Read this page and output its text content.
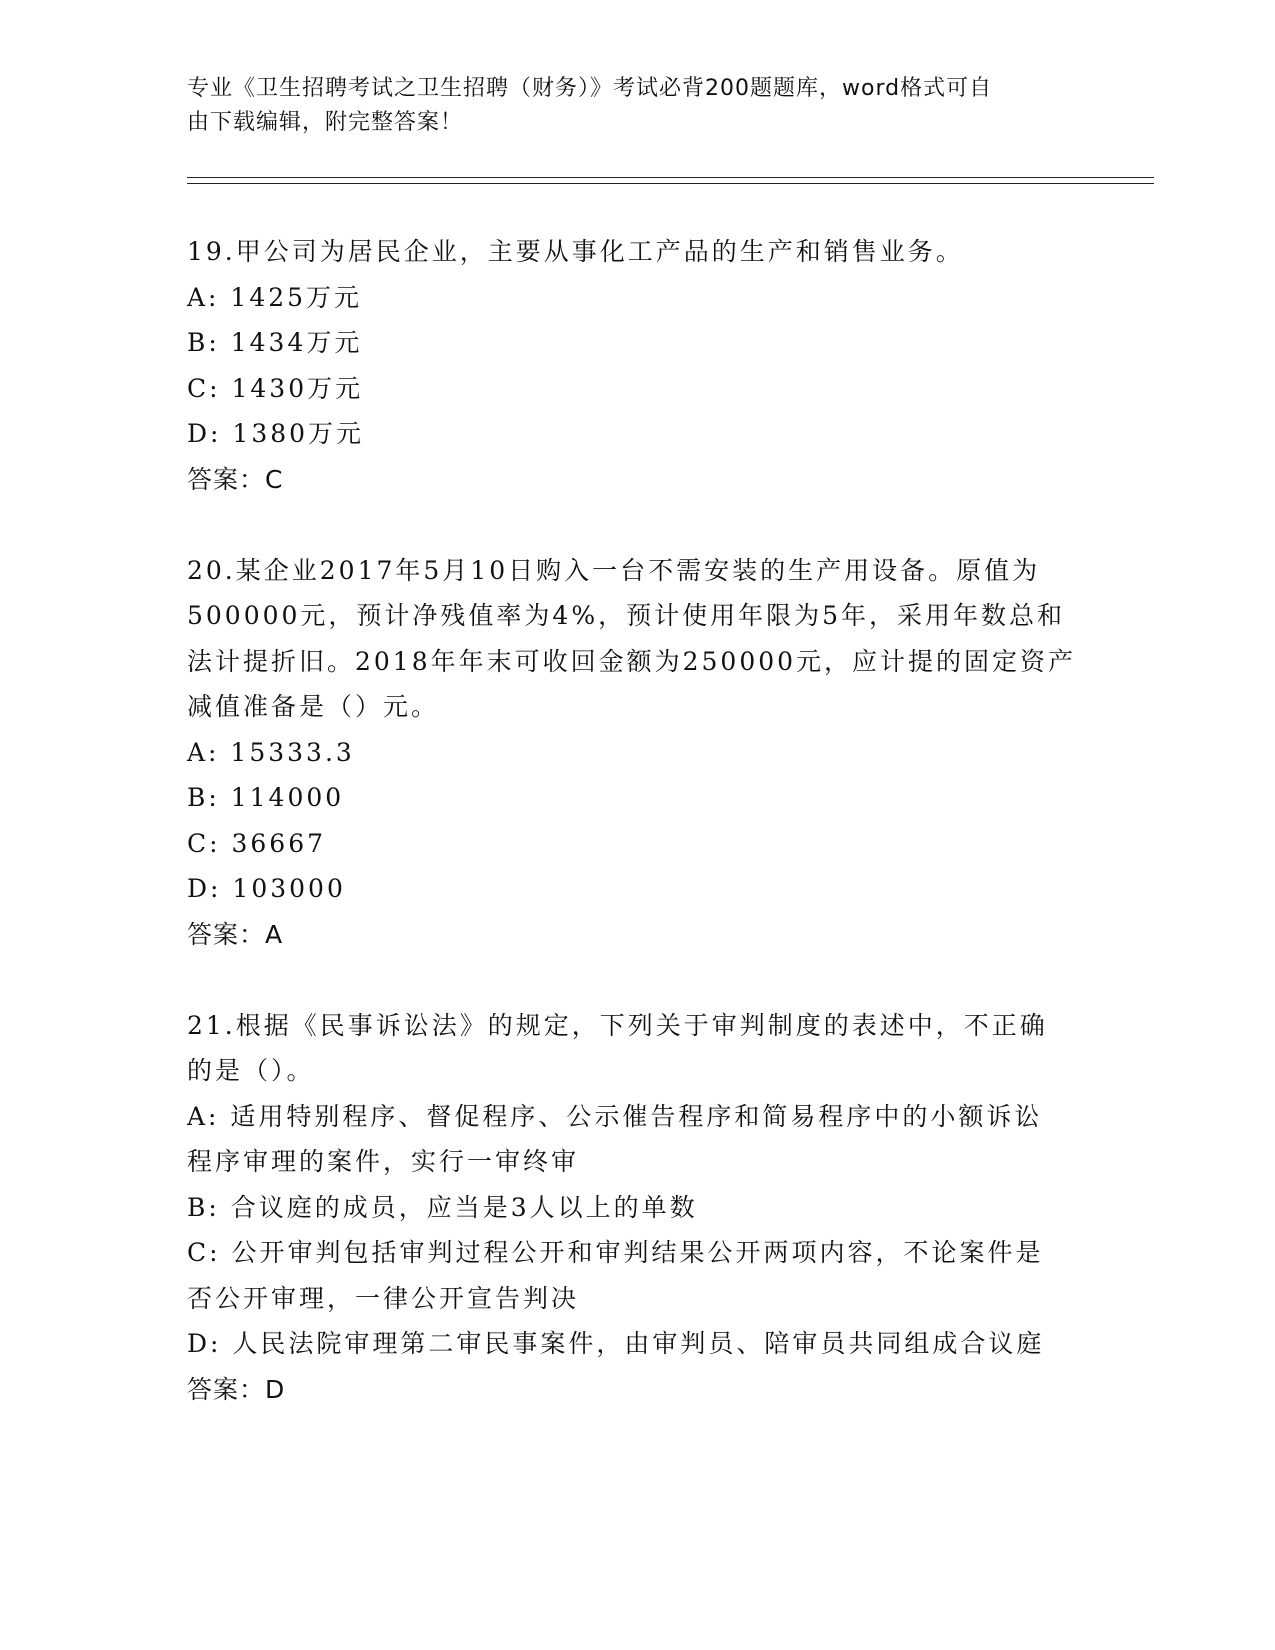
专业《卫生招聘考试之卫生招聘（财务）》考试必背200题题库，word格式可自
由下载编辑，附完整答案！
19.甲公司为居民企业，主要从事化工产品的生产和销售业务。
A: 1425万元
B: 1434万元
C: 1430万元
D: 1380万元
答案：C
20.某企业2017年5月10日购入一台不需安装的生产用设备。原值为
500000元，预计净残值率为4%，预计使用年限为5年，采用年数总和
法计提折旧。2018年年末可收回金额为250000元，应计提的固定资产
减值准备是（）元。
A: 15333.3
B: 114000
C: 36667
D: 103000
答案：A
21.根据《民事诉讼法》的规定，下列关于审判制度的表述中，不正确
的是（）。
A: 适用特别程序、督促程序、公示催告程序和简易程序中的小额诉讼
程序审理的案件，实行一审终审
B: 合议庭的成员，应当是3人以上的单数
C: 公开审判包括审判过程公开和审判结果公开两项内容，不论案件是
否公开审理，一律公开宣告判决
D: 人民法院审理第二审民事案件，由审判员、陪审员共同组成合议庭
答案：D
